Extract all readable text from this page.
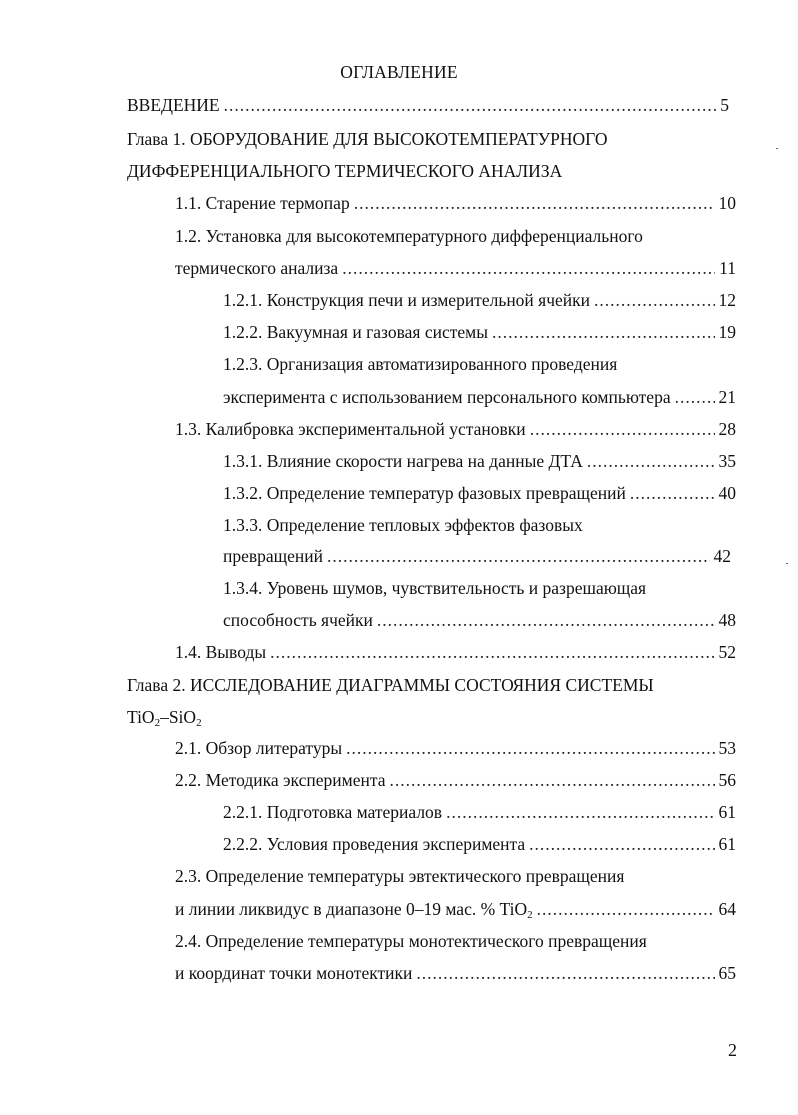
ОГЛАВЛЕНИЕ
ВВЕДЕНИЕ .....	5
Глава 1. ОБОРУДОВАНИЕ ДЛЯ ВЫСОКОТЕМПЕРАТУРНОГО
ДИФФЕРЕНЦИАЛЬНОГО ТЕРМИЧЕСКОГО АНАЛИЗА
1.1. Старение термопар .....	10
1.2. Установка для высокотемпературного дифференциального
термического анализа .....	11
1.2.1. Конструкция печи и измерительной ячейки .....	12
1.2.2. Вакуумная и газовая системы .....	19
1.2.3. Организация автоматизированного проведения
эксперимента с использованием персонального компьютера .....	21
1.3. Калибровка экспериментальной установки .....	28
1.3.1. Влияние скорости нагрева на данные ДТА .....	35
1.3.2. Определение температур фазовых превращений .....	40
1.3.3. Определение тепловых эффектов фазовых
превращений .....	42
1.3.4. Уровень шумов, чувствительность и разрешающая
способность ячейки .....	48
1.4. Выводы .....	52
Глава 2. ИССЛЕДОВАНИЕ ДИАГРАММЫ СОСТОЯНИЯ СИСТЕМЫ
TiO$_2$–SiO$_2$
2.1. Обзор литературы .....	53
2.2. Методика эксперимента .....	56
2.2.1. Подготовка материалов .....	61
2.2.2. Условия проведения эксперимента .....	61
2.3. Определение температуры эвтектического превращения
и линии ликвидус в диапазоне 0–19 мас. % TiO$_2$ .....	64
2.4. Определение температуры монотектического превращения
и координат точки монотектики .....	65
2
